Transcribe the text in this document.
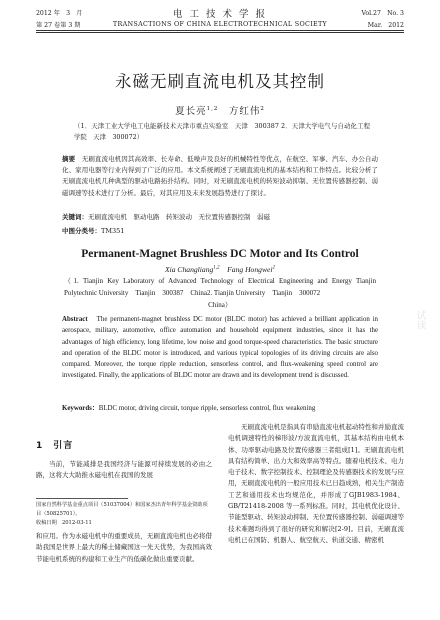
2012 年　3　月	电 工 技 术 学 报	Vol.27　No. 3
第 27 卷第 3 期	TRANSACTIONS OF CHINA ELECTROTECHNICAL SOCIETY	Mar.　2012
永磁无刷直流电机及其控制
夏长亮$^{1,2}$　 方红伟$^2$
（1．天津工业大学电工电能新技术天津市重点实验室　天津　300387 2．天津大学电气与自动化工程学院　天津　300072）
摘要　 无刷直流电机因其高效率、长寿命、低噪声及良好的机械特性等优点，在航空、军事、汽车、办公自动化、家用电器等行业内得到了广泛的应用。本文系统阐述了无刷直流电机的基本结构和工作特点。比较分析了无刷直流电机几种典型的驱动电路拓扑结构。同时，对无刷直流电机的转矩波动抑制、无位置传感器控制、弱磁调速等技术进行了分析。最后，对其应用及未来发展趋势进行了探讨。
关键词：无刷直流电机　驱动电路　转矩波动　无位置传感器控制　弱磁
中图分类号：TM351
Permanent-Magnet Brushless DC Motor and Its Control
Xia Changliang$^{1,2}$　 Fang Hongwei$^2$
（1. Tianjin Key Laboratory of Advanced Technology of Electrical Engineering and Energy Tianjin Polytechnic University　Tianjin　300387　China2. Tianjin University　Tianjin　300072
China）
Abstract　 The permanent-magnet brushless DC motor (BLDC motor) has achieved a brilliant application in aerospace, military, automotive, office automation and household equipment industries, since it has the advantages of high efficiency, long lifetime, low noise and good torque-speed characteristics. The basic structure and operation of the BLDC motor is introduced, and various typical topologies of its driving circuits are also compared. Moreover, the torque ripple reduction, sensorless control, and flux-weakening speed control are investigated. Finally, the applications of BLDC motor are drawn and its development trend is discussed.
Keywords：BLDC motor, driving circuit, torque ripple, sensorless control, flux weakening
1　 引言

当前，节能减排是我国经济与能源可持续发展的必由之路，这将大大助推永磁电机在我国的发展

国家自然科学基金重点项目（51037004）和国家杰出青年科学基金资助项目（50825701）。
收稿日期　2012-03-11
和应用。作为永磁电机中的重要成员，无刷直流电机也必将借助我国是世界上最大的稀土储藏国这一先天优势，为我国高效节能电机系统的构建和工业生产的低碳化做出重要贡献。

无刷直流电机是指具有串励直流电机起动特性和并励直流电机调速特性的梯形波/方波直流电机，其基本结构由电机本体、功率驱动电路及位置传感器三者组成[1]。无刷直流电机具有结构简单、出力大和效率高等特点。随着电机技术、电力电子技术、数字控制技术、控制理论及传感器技术的发展与应用，无刷直流电机的一般应用技术已日趋成熟，相关生产制造工艺和通用技术也均规范化，并形成了GJB1983-1984、GB/T21418-2008 等一系列标准。同时，其电机优化设计、节能型驱动、转矩波动抑制、无位置传感器控制、弱磁调速等技术难题均得到了很好的研究和解决[2-9]。目前，无刷直流电机已在国防、机器人、航空航天、轨道交通、精密机

试读
